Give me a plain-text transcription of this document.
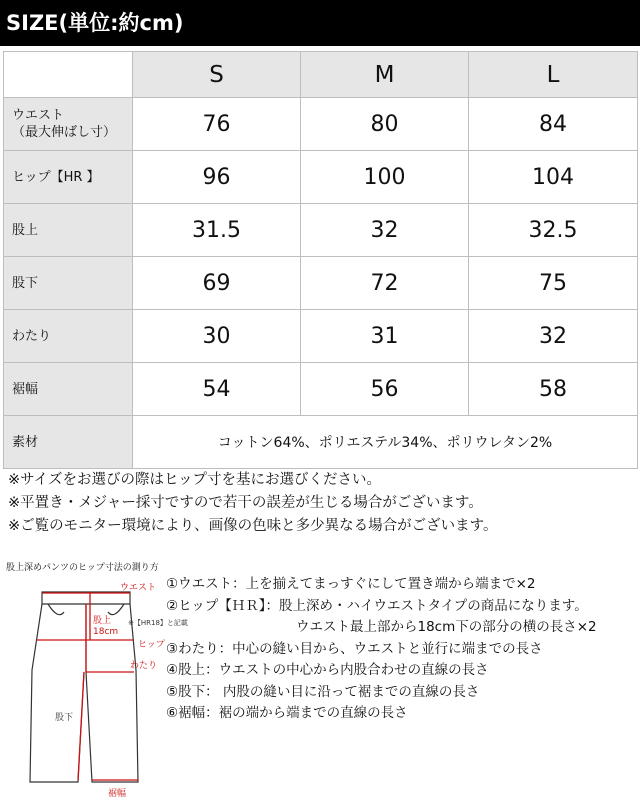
SIZE(単位:約cm)
	S	M	L

ウエスト
（最大伸ばし寸）	76	80	84
ヒップ【HR 】	96	100	104
股上	31.5	32	32.5
股下	69	72	75
わたり	30	31	32
裾幅	54	56	58
素材	コットン64%、ポリエステル34%、ポリウレタン2%		
※サイズをお選びの際はヒップ寸を基にお選びください。
※平置き・メジャー採寸ですので若干の誤差が生じる場合がございます。
※ご覧のモニター環境により、画像の色味と多少異なる場合がございます。
股上深めパンツのヒップ寸法の測り方
ウエスト
股上
18cm
※【HR18】と記載
ヒップ
わたり
股下
裾幅
①ウエスト：上を揃えてまっすぐにして置き端から端まで×2
②ヒップ【ＨＲ】：股上深め・ハイウエストタイプの商品になります。
ウエスト最上部から18cm下の部分の横の長さ×2
③わたり：中心の縫い目から、ウエストと並行に端までの長さ
④股上：ウエストの中心から内股合わせの直線の長さ
⑤股下： 内股の縫い目に沿って裾までの直線の長さ
⑥裾幅：裾の端から端までの直線の長さ
